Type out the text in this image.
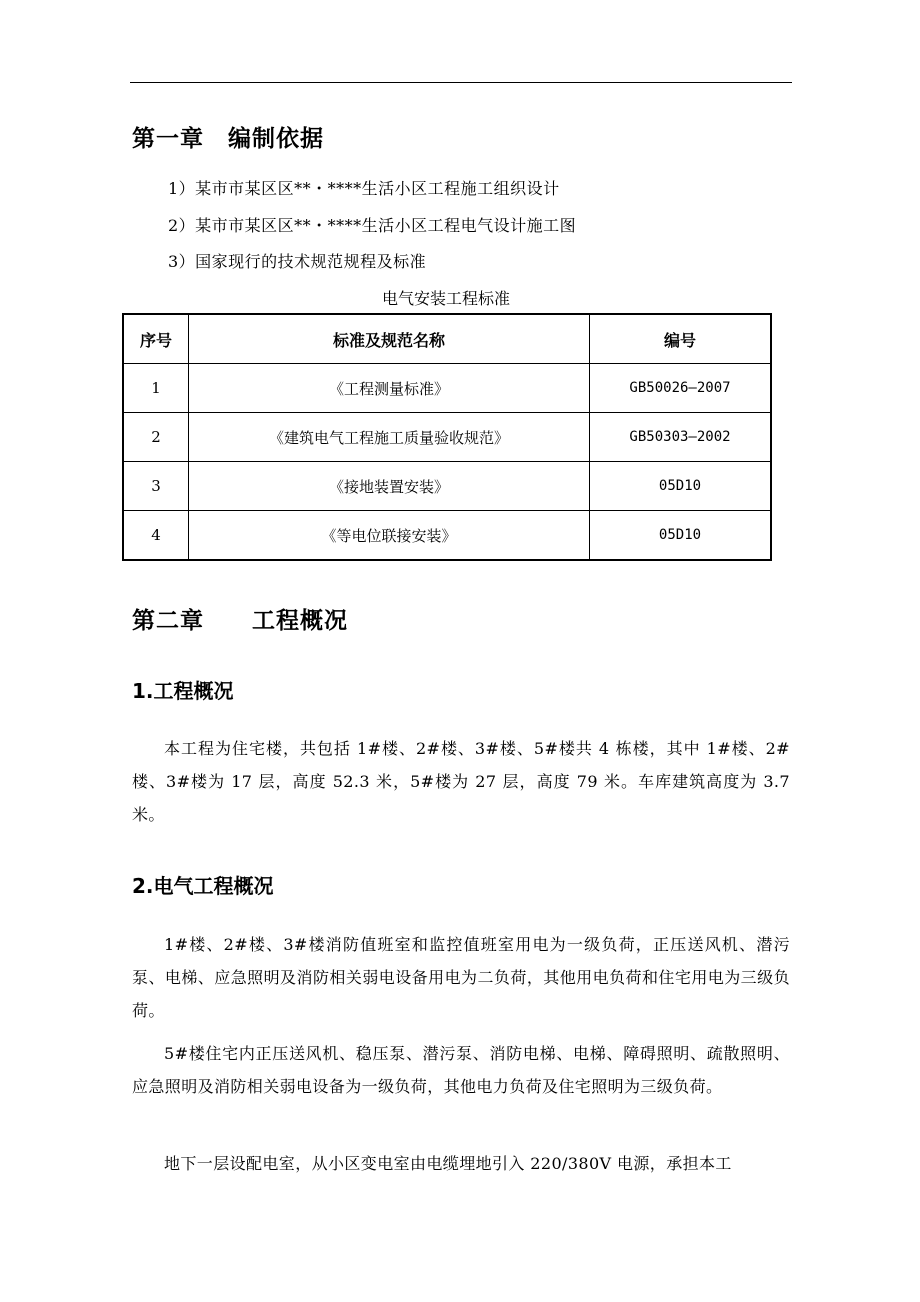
第一章　编制依据
1）某市市某区区**・****生活小区工程施工组织设计
2）某市市某区区**・****生活小区工程电气设计施工图
3）国家现行的技术规范规程及标准
电气安装工程标准
序号	标准及规范名称	编号
1	《工程测量标准》	GB50026—2007
2	《建筑电气工程施工质量验收规范》	GB50303—2002
3	《接地装置安装》	05D10
4	《等电位联接安装》	05D10
第二章　　工程概况
1.工程概况
本工程为住宅楼，共包括 1#楼、2#楼、3#楼、5#楼共 4 栋楼，其中 1#楼、2#楼、3#楼为 17 层，高度 52.3 米，5#楼为 27 层，高度 79 米。车库建筑高度为 3.7 米。
2.电气工程概况
1#楼、2#楼、3#楼消防值班室和监控值班室用电为一级负荷，正压送风机、潜污泵、电梯、应急照明及消防相关弱电设备用电为二负荷，其他用电负荷和住宅用电为三级负荷。
5#楼住宅内正压送风机、稳压泵、潜污泵、消防电梯、电梯、障碍照明、疏散照明、应急照明及消防相关弱电设备为一级负荷，其他电力负荷及住宅照明为三级负荷。
地下一层设配电室，从小区变电室由电缆埋地引入 220/380V 电源，承担本工
